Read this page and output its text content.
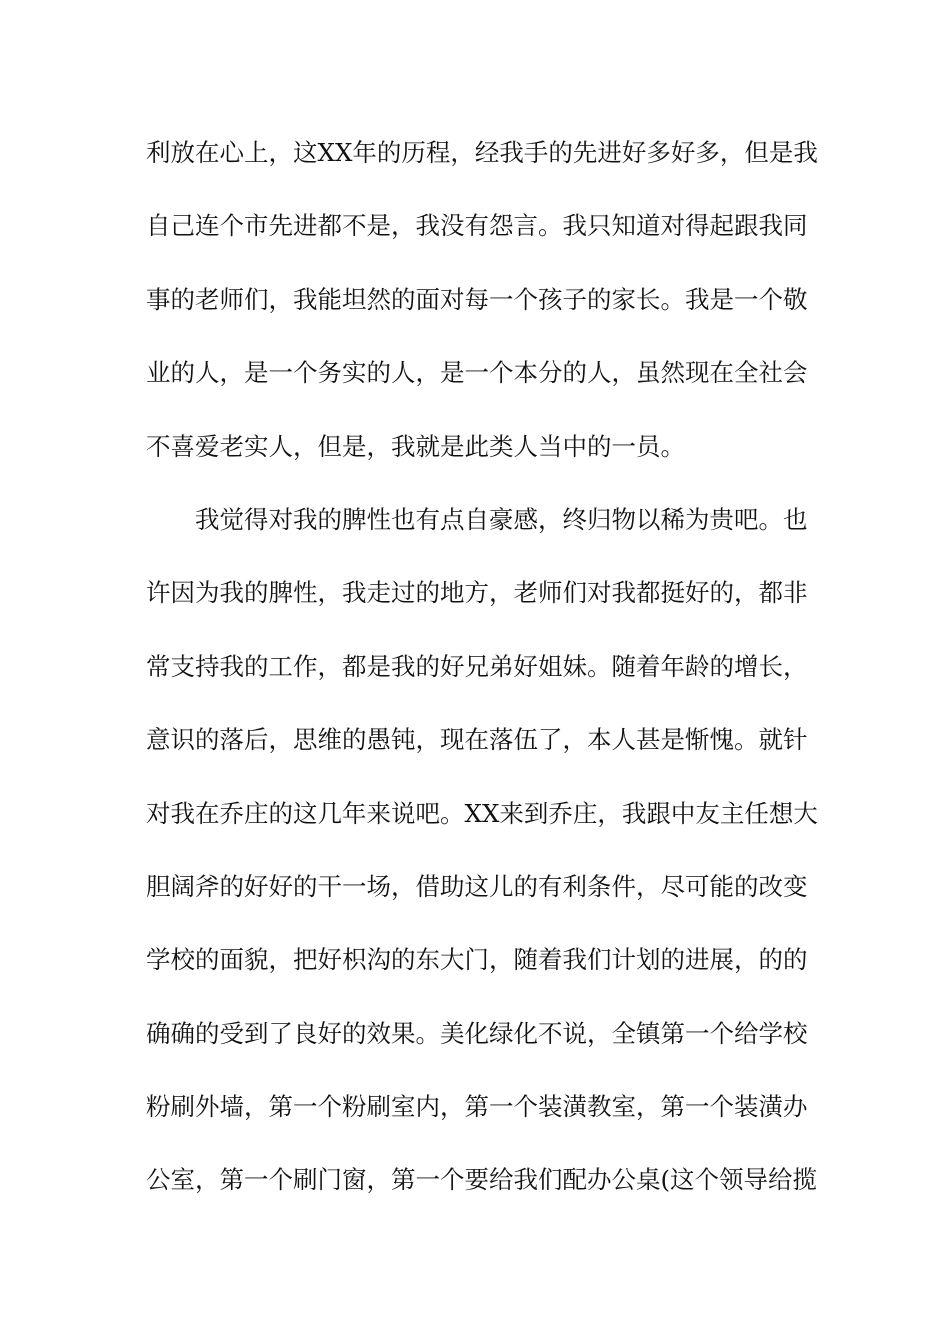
利放在心上，这XX年的历程，经我手的先进好多好多，但是我
自己连个市先进都不是，我没有怨言。我只知道对得起跟我同
事的老师们，我能坦然的面对每一个孩子的家长。我是一个敬
业的人，是一个务实的人，是一个本分的人，虽然现在全社会
不喜爱老实人，但是，我就是此类人当中的一员。
我觉得对我的脾性也有点自豪感，终归物以稀为贵吧。也
许因为我的脾性，我走过的地方，老师们对我都挺好的，都非
常支持我的工作，都是我的好兄弟好姐妹。随着年龄的增长，
意识的落后，思维的愚钝，现在落伍了，本人甚是惭愧。就针
对我在乔庄的这几年来说吧。XX来到乔庄，我跟中友主任想大
胆阔斧的好好的干一场，借助这儿的有利条件，尽可能的改变
学校的面貌，把好枳沟的东大门，随着我们计划的进展，的的
确确的受到了良好的效果。美化绿化不说，全镇第一个给学校
粉刷外墙，第一个粉刷室内，第一个装潢教室，第一个装潢办
公室，第一个刷门窗，第一个要给我们配办公桌(这个领导给揽
